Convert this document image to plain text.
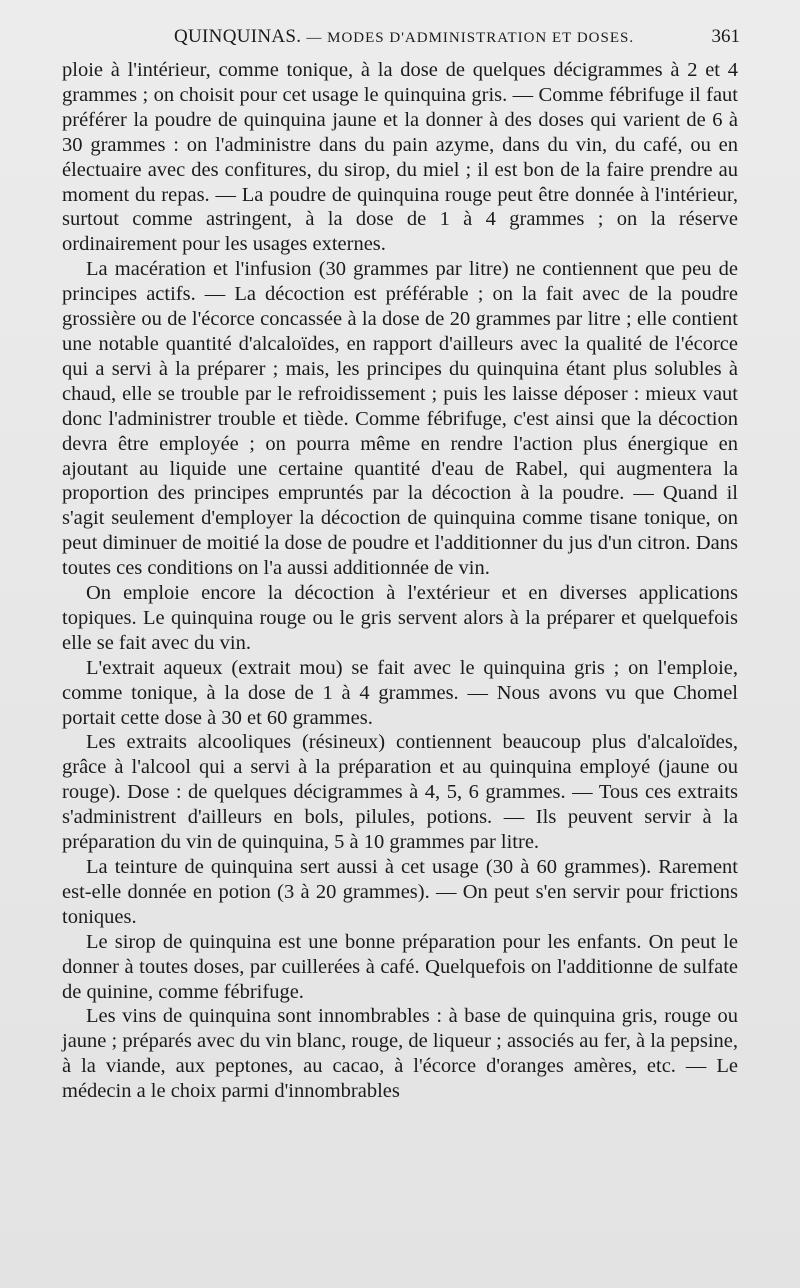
QUINQUINAS. — MODES D'ADMINISTRATION ET DOSES.	361

ploie à l'intérieur, comme tonique, à la dose de quelques décigrammes à 2 et 4 grammes ; on choisit pour cet usage le quinquina gris. — Comme fébrifuge il faut préférer la poudre de quinquina jaune et la donner à des doses qui varient de 6 à 30 grammes : on l'administre dans du pain azyme, dans du vin, du café, ou en électuaire avec des confitures, du sirop, du miel ; il est bon de la faire prendre au moment du repas. — La poudre de quinquina rouge peut être donnée à l'intérieur, surtout comme astringent, à la dose de 1 à 4 grammes ; on la réserve ordinairement pour les usages externes.

La macération et l'infusion (30 grammes par litre) ne contiennent que peu de principes actifs. — La décoction est préférable ; on la fait avec de la poudre grossière ou de l'écorce concassée à la dose de 20 grammes par litre ; elle contient une notable quantité d'alcaloïdes, en rapport d'ailleurs avec la qualité de l'écorce qui a servi à la préparer ; mais, les principes du quinquina étant plus solubles à chaud, elle se trouble par le refroidissement ; puis les laisse déposer : mieux vaut donc l'administrer trouble et tiède. Comme fébrifuge, c'est ainsi que la décoction devra être employée ; on pourra même en rendre l'action plus énergique en ajoutant au liquide une certaine quantité d'eau de Rabel, qui augmentera la proportion des principes empruntés par la décoction à la poudre. — Quand il s'agit seulement d'employer la décoction de quinquina comme tisane tonique, on peut diminuer de moitié la dose de poudre et l'additionner du jus d'un citron. Dans toutes ces conditions on l'a aussi additionnée de vin.

On emploie encore la décoction à l'extérieur et en diverses applications topiques. Le quinquina rouge ou le gris servent alors à la préparer et quelquefois elle se fait avec du vin.

L'extrait aqueux (extrait mou) se fait avec le quinquina gris ; on l'emploie, comme tonique, à la dose de 1 à 4 grammes. — Nous avons vu que Chomel portait cette dose à 30 et 60 grammes.

Les extraits alcooliques (résineux) contiennent beaucoup plus d'alcaloïdes, grâce à l'alcool qui a servi à la préparation et au quinquina employé (jaune ou rouge). Dose : de quelques décigrammes à 4, 5, 6 grammes. — Tous ces extraits s'administrent d'ailleurs en bols, pilules, potions. — Ils peuvent servir à la préparation du vin de quinquina, 5 à 10 grammes par litre.

La teinture de quinquina sert aussi à cet usage (30 à 60 grammes). Rarement est-elle donnée en potion (3 à 20 grammes). — On peut s'en servir pour frictions toniques.

Le sirop de quinquina est une bonne préparation pour les enfants. On peut le donner à toutes doses, par cuillerées à café. Quelquefois on l'additionne de sulfate de quinine, comme fébrifuge.

Les vins de quinquina sont innombrables : à base de quinquina gris, rouge ou jaune ; préparés avec du vin blanc, rouge, de liqueur ; associés au fer, à la pepsine, à la viande, aux peptones, au cacao, à l'écorce d'oranges amères, etc. — Le médecin a le choix parmi d'innombrables
